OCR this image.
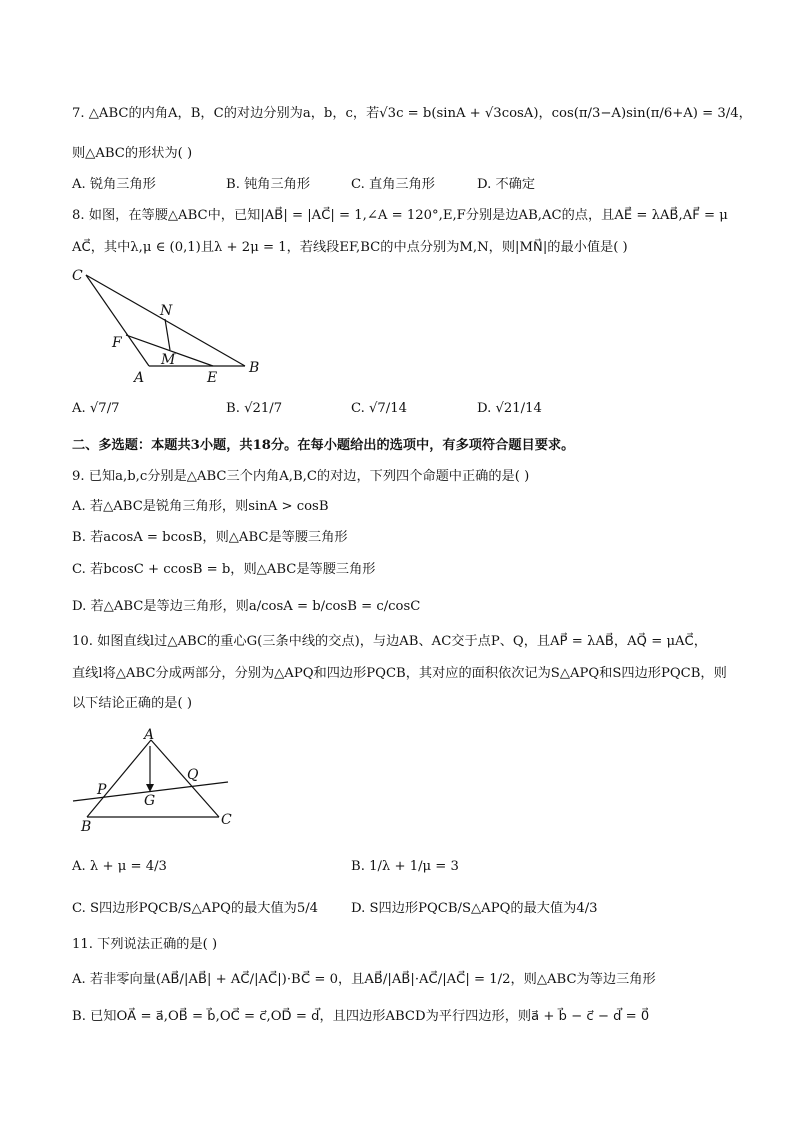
7. △ABC的内角A，B，C的对边分别为a，b，c，若√3c = b(sinA + √3cosA)，cos(π/3−A)sin(π/6+A) = 3/4，
则△ABC的形状为( )
A. 锐角三角形	B. 钝角三角形	C. 直角三角形	D. 不确定
8. 如图，在等腰△ABC中，已知|AB⃗| = |AC⃗| = 1,∠A = 120°,E,F分别是边AB,AC的点，且AE⃗ = λAB⃗,AF⃗ = μ
AC⃗，其中λ,μ ∈ (0,1)且λ + 2μ = 1，若线段EF,BC的中点分别为M,N，则|MN⃗|的最小值是( )
C
N
F
M
A	E
B
A. √7/7	B. √21/7	C. √7/14	D. √21/14
二、多选题：本题共3小题，共18分。在每小题给出的选项中，有多项符合题目要求。
9. 已知a,b,c分别是△ABC三个内角A,B,C的对边，下列四个命题中正确的是( )
A. 若△ABC是锐角三角形，则sinA > cosB
B. 若acosA = bcosB，则△ABC是等腰三角形
C. 若bcosC + ccosB = b，则△ABC是等腰三角形
D. 若△ABC是等边三角形，则a/cosA = b/cosB = c/cosC
10. 如图直线l过△ABC的重心G(三条中线的交点)，与边AB、AC交于点P、Q，且AP⃗ = λAB⃗，AQ⃗ = μAC⃗，
直线l将△ABC分成两部分，分别为△APQ和四边形PQCB，其对应的面积依次记为S△APQ和S四边形PQCB，则
以下结论正确的是( )
A
P
Q
G
B	C
A. λ + μ = 4/3	B. 1/λ + 1/μ = 3
C. S四边形PQCB/S△APQ的最大值为5/4 D. S四边形PQCB/S△APQ的最大值为4/3
11. 下列说法正确的是( )
A. 若非零向量(AB⃗/|AB⃗| + AC⃗/|AC⃗|)·BC⃗ = 0，且AB⃗/|AB⃗|·AC⃗/|AC⃗| = 1/2，则△ABC为等边三角形
B. 已知OA⃗ = a⃗,OB⃗ = b⃗,OC⃗ = c⃗,OD⃗ = d⃗，且四边形ABCD为平行四边形，则a⃗ + b⃗ − c⃗ − d⃗ = 0⃗
